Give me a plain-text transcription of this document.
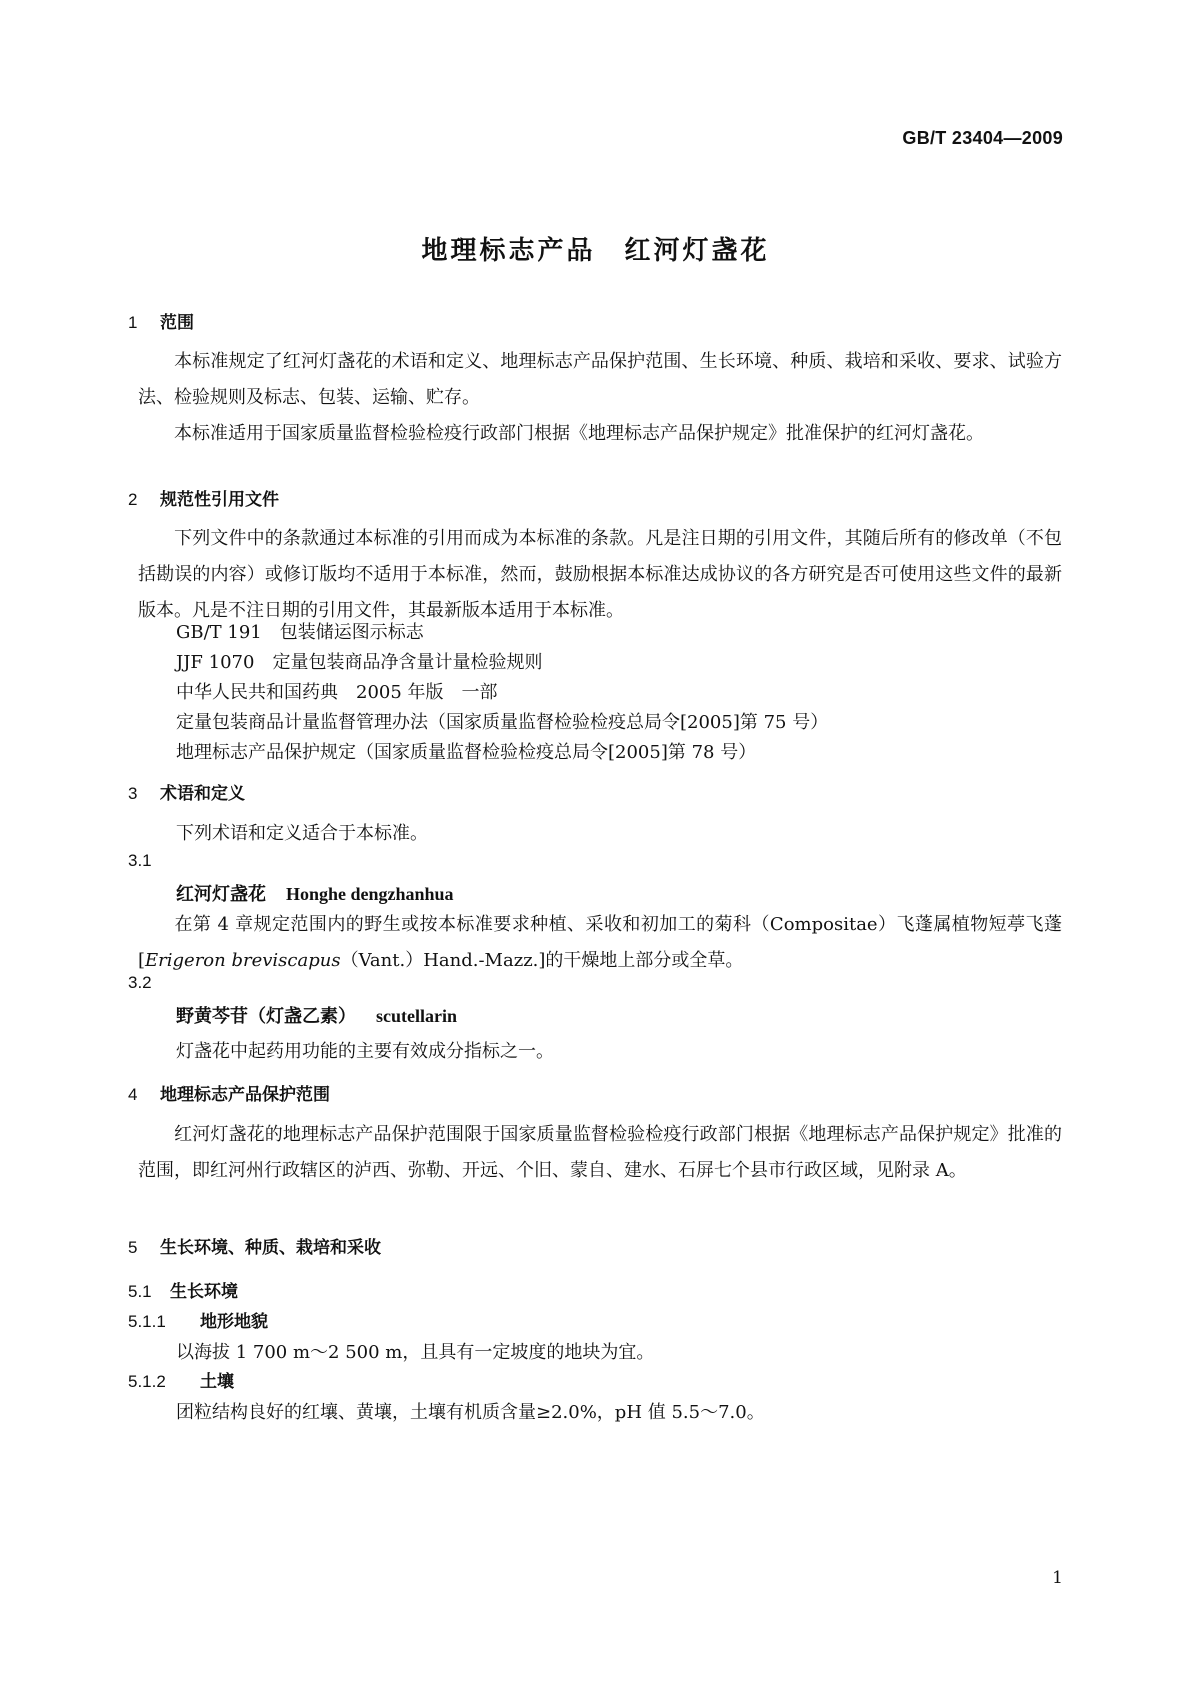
GB/T 23404—2009
地理标志产品　红河灯盏花
1 范围
本标准规定了红河灯盏花的术语和定义、地理标志产品保护范围、生长环境、种质、栽培和采收、要求、试验方法、检验规则及标志、包装、运输、贮存。
本标准适用于国家质量监督检验检疫行政部门根据《地理标志产品保护规定》批准保护的红河灯盏花。
2 规范性引用文件
下列文件中的条款通过本标准的引用而成为本标准的条款。凡是注日期的引用文件，其随后所有的修改单（不包括勘误的内容）或修订版均不适用于本标准，然而，鼓励根据本标准达成协议的各方研究是否可使用这些文件的最新版本。凡是不注日期的引用文件，其最新版本适用于本标准。
GB/T 191　包装储运图示标志
JJF 1070　定量包装商品净含量计量检验规则
中华人民共和国药典　2005 年版　一部
定量包装商品计量监督管理办法（国家质量监督检验检疫总局令[2005]第 75 号）
地理标志产品保护规定（国家质量监督检验检疫总局令[2005]第 78 号）
3 术语和定义
下列术语和定义适合于本标准。
3.1
红河灯盏花 Honghe dengzhanhua
在第 4 章规定范围内的野生或按本标准要求种植、采收和初加工的菊科（Compositae）飞蓬属植物短葶飞蓬[Erigeron breviscapus（Vant.）Hand.-Mazz.]的干燥地上部分或全草。
3.2
野黄芩苷（灯盏乙素） scutellarin
灯盏花中起药用功能的主要有效成分指标之一。
4 地理标志产品保护范围
红河灯盏花的地理标志产品保护范围限于国家质量监督检验检疫行政部门根据《地理标志产品保护规定》批准的范围，即红河州行政辖区的泸西、弥勒、开远、个旧、蒙自、建水、石屏七个县市行政区域，见附录 A。
5 生长环境、种质、栽培和采收
5.1 生长环境
5.1.1 地形地貌
以海拔 1 700 m～2 500 m，且具有一定坡度的地块为宜。
5.1.2 土壤
团粒结构良好的红壤、黄壤，土壤有机质含量≥2.0%，pH 值 5.5～7.0。
1
